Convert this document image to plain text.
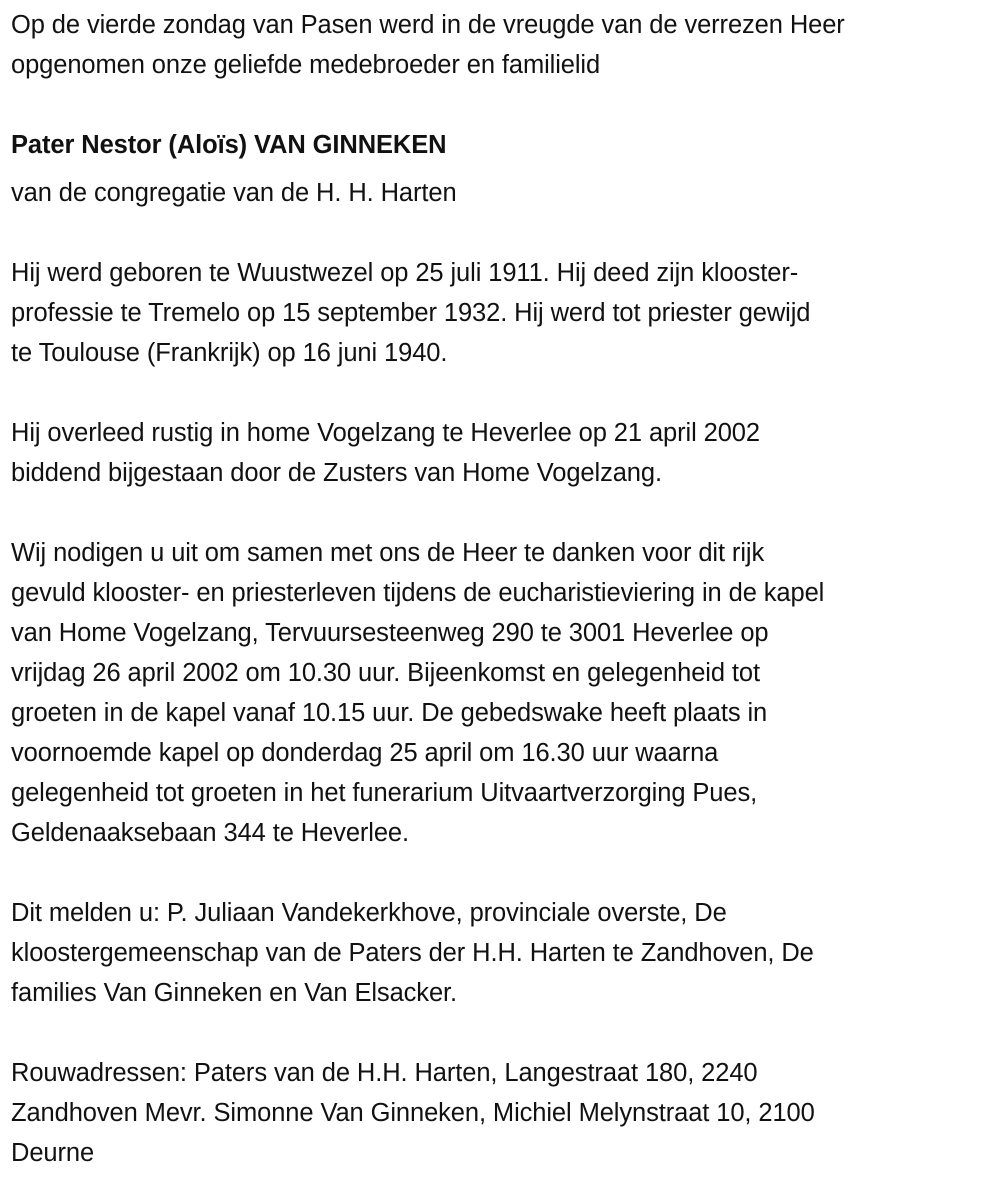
Op de vierde zondag van Pasen werd in de vreugde van de verrezen Heer
opgenomen onze geliefde medebroeder en familielid
Pater Nestor (Aloïs) VAN GINNEKEN
van de congregatie van de H. H. Harten
Hij werd geboren te Wuustwezel op 25 juli 1911. Hij deed zijn klooster-
professie te Tremelo op 15 september 1932. Hij werd tot priester gewijd
te Toulouse (Frankrijk) op 16 juni 1940.
Hij overleed rustig in home Vogelzang te Heverlee op 21 april 2002
biddend bijgestaan door de Zusters van Home Vogelzang.
Wij nodigen u uit om samen met ons de Heer te danken voor dit rijk
gevuld klooster- en priesterleven tijdens de eucharistieviering in de kapel
van Home Vogelzang, Tervuursesteenweg 290 te 3001 Heverlee op
vrijdag 26 april 2002 om 10.30 uur. Bijeenkomst en gelegenheid tot
groeten in de kapel vanaf 10.15 uur. De gebedswake heeft plaats in
voornoemde kapel op donderdag 25 april om 16.30 uur waarna
gelegenheid tot groeten in het funerarium Uitvaartverzorging Pues,
Geldenaaksebaan 344 te Heverlee.
Dit melden u: P. Juliaan Vandekerkhove, provinciale overste, De
kloostergemeenschap van de Paters der H.H. Harten te Zandhoven, De
families Van Ginneken en Van Elsacker.
Rouwadressen: Paters van de H.H. Harten, Langestraat 180, 2240
Zandhoven Mevr. Simonne Van Ginneken, Michiel Melynstraat 10, 2100
Deurne
